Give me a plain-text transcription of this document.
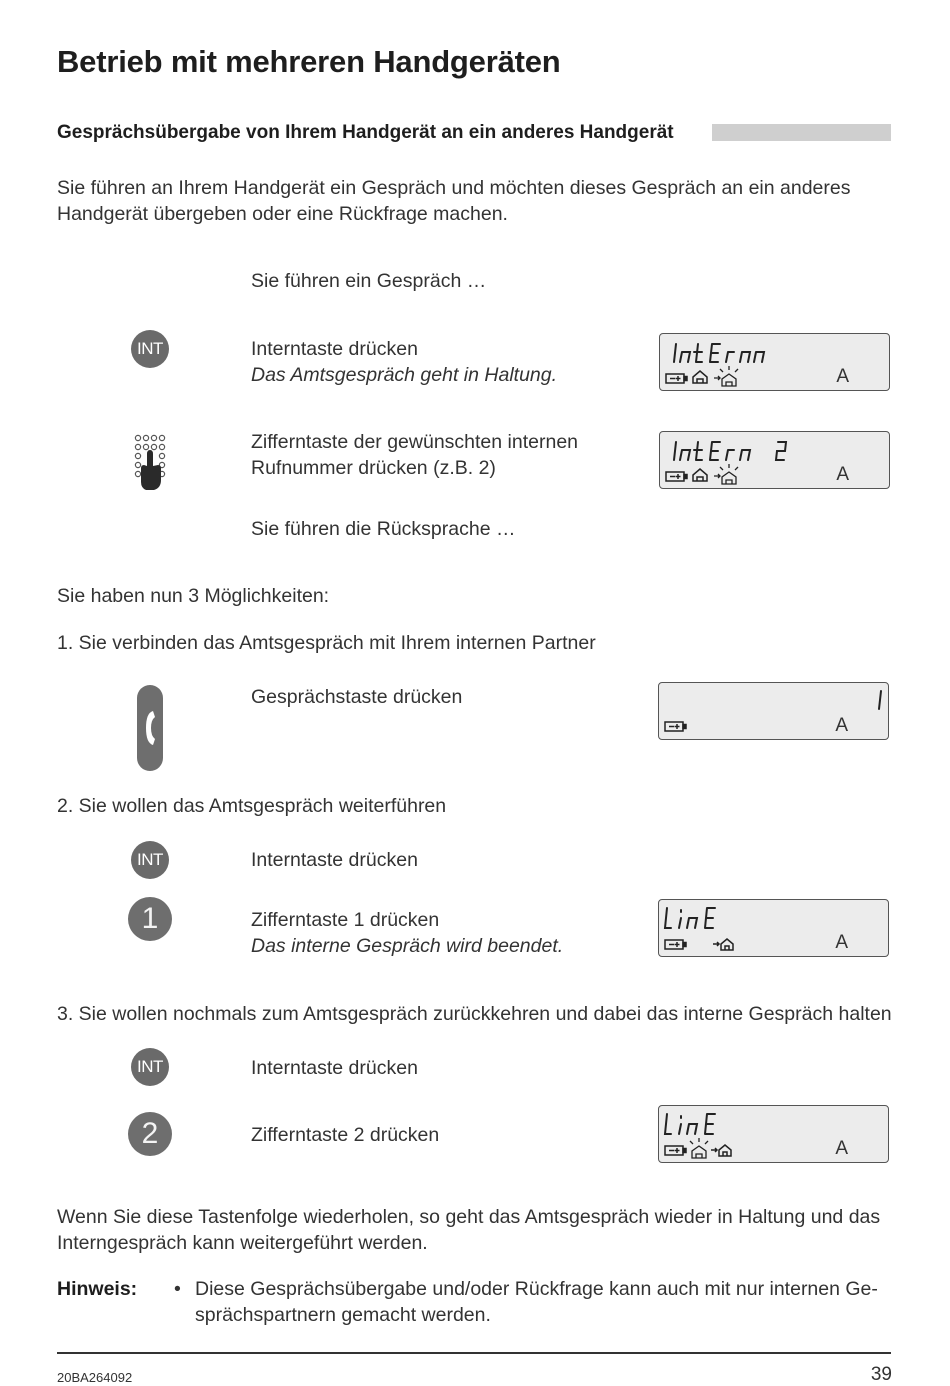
Betrieb mit mehreren Handgeräten
Gesprächsübergabe von Ihrem Handgerät an ein anderes Handgerät
Sie führen an Ihrem Handgerät ein Gespräch und möchten dieses Gespräch an ein anderes
Handgerät übergeben oder eine Rückfrage machen.
Sie führen ein Gespräch …
INT	Interntaste drücken
Das Amtsgespräch geht in Haltung.	A
Zifferntaste der gewünschten internen
Rufnummer drücken (z.B. 2)	A
Sie führen die Rücksprache …
Sie haben nun 3 Möglichkeiten:
1. Sie verbinden das Amtsgespräch mit Ihrem internen Partner
Gesprächstaste drücken
A
2. Sie wollen das Amtsgespräch weiterführen
INT	Interntaste drücken
1	Zifferntaste 1 drücken
Das interne Gespräch wird beendet.	A
3. Sie wollen nochmals zum Amtsgespräch zurückkehren und dabei das interne Gespräch halten
INT	Interntaste drücken
2	Zifferntaste 2 drücken
A
Wenn Sie diese Tastenfolge wiederholen, so geht das Amtsgespräch wieder in Haltung und das
Interngespräch kann weitergeführt werden.
Hinweis: • Diese Gesprächsübergabe und/oder Rückfrage kann auch mit nur internen Ge-
sprächspartnern gemacht werden.
20BA264092	39
